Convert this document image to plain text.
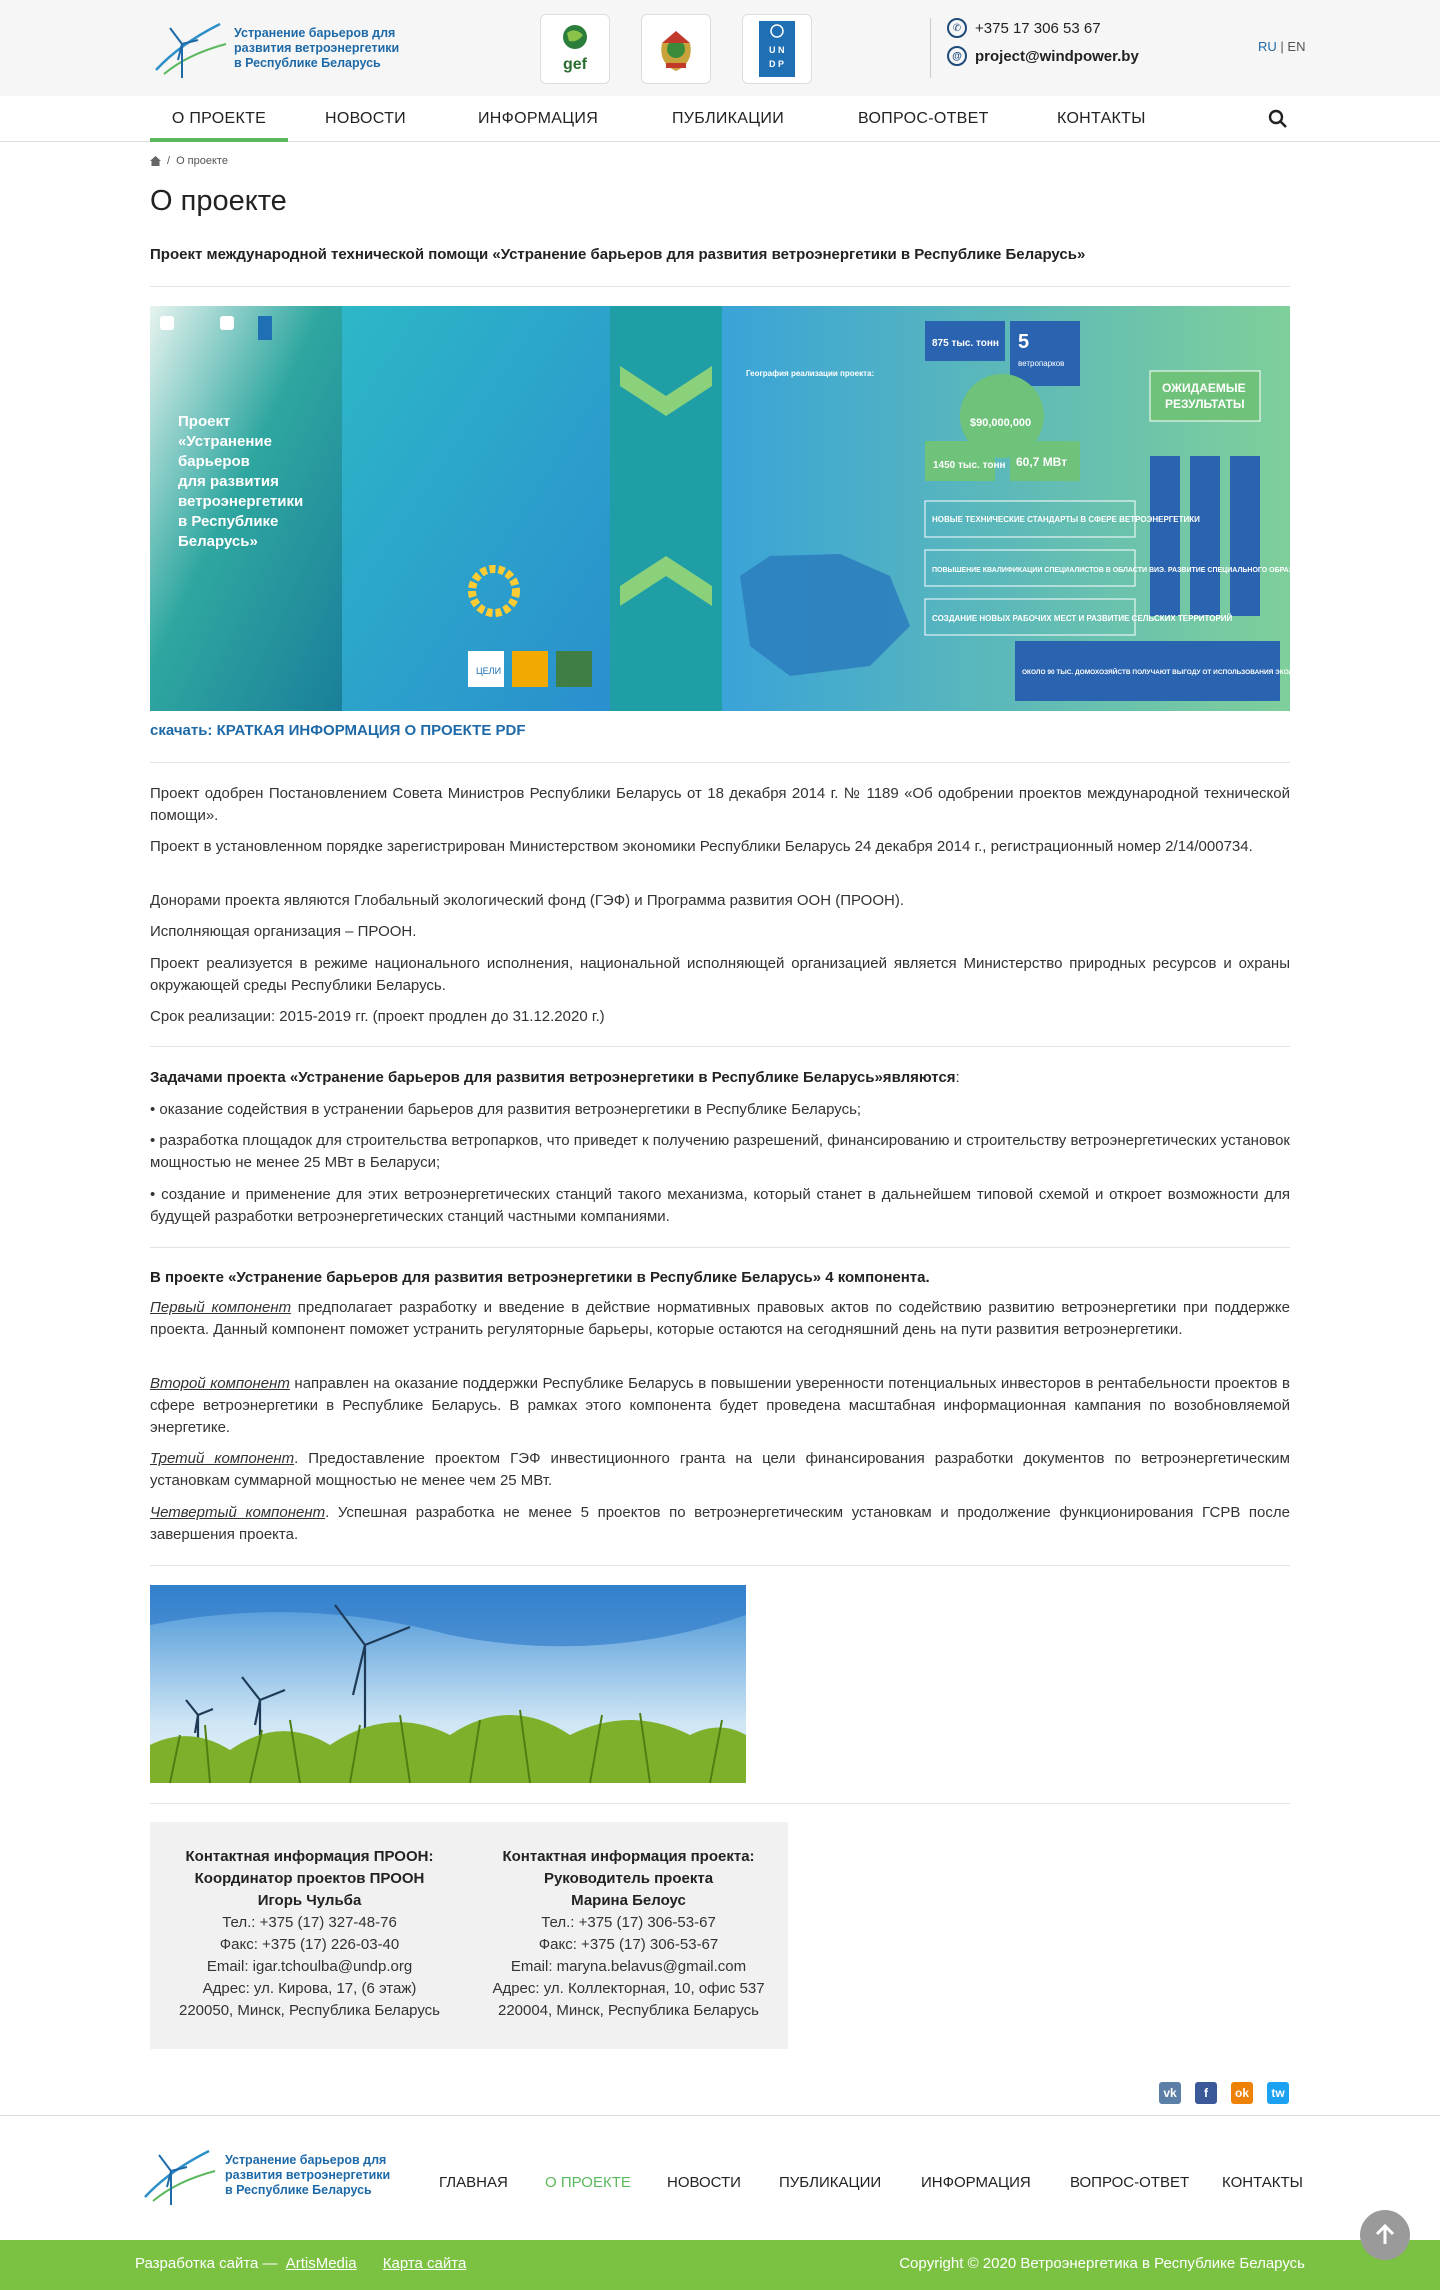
Устранение барьеров для
развития ветроэнергетики
в Республике Беларусь	gef
U N
D P
✆ +375 17 306 53 67
@ project@windpower.by
RU | EN
О ПРОЕКТЕ	НОВОСТИ	ИНФОРМАЦИЯ	ПУБЛИКАЦИИ	ВОПРОС-ОТВЕТ	КОНТАКТЫ
/ О проекте
О проекте
Проект международной технической помощи «Устранение барьеров для развития ветроэнергетики в Республике Беларусь»
Проект «Устранение барьеров для развития ветроэнергетики в Республике Беларусь»
ЦЕЛИ
География реализации проекта:
875 тыс. тонн 5
ветропарков
$90,000,000
1450 тыс. тонн 60,7 МВт
ОЖИДАЕМЫЕ
РЕЗУЛЬТАТЫ
НОВЫЕ ТЕХНИЧЕСКИЕ СТАНДАРТЫ В СФЕРЕ ВЕТРОЭНЕРГЕТИКИ
ПОВЫШЕНИЕ КВАЛИФИКАЦИИ СПЕЦИАЛИСТОВ В ОБЛАСТИ ВИЭ. РАЗВИТИЕ СПЕЦИАЛЬНОГО ОБРАЗОВАНИЯ
СОЗДАНИЕ НОВЫХ РАБОЧИХ МЕСТ И РАЗВИТИЕ СЕЛЬСКИХ ТЕРРИТОРИЙ
ОКОЛО 90 ТЫС. ДОМОХОЗЯЙСТВ ПОЛУЧАЮТ ВЫГОДУ ОТ ИСПОЛЬЗОВАНИЯ ЭКОЛОГИЧЕСКИ ЧИСТОЙ ЭНЕРГИИ ВЕТРА
скачать: КРАТКАЯ ИНФОРМАЦИЯ О ПРОЕКТЕ PDF

Проект одобрен Постановлением Совета Министров Республики Беларусь от 18 декабря 2014 г. № 1189 «Об одобрении проектов международной технической помощи».

Проект в установленном порядке зарегистрирован Министерством экономики Республики Беларусь 24 декабря 2014 г., регистрационный номер 2/14/000734.

Донорами проекта являются Глобальный экологический фонд (ГЭФ) и Программа развития ООН (ПРООН).

Исполняющая организация – ПРООН.

Проект реализуется в режиме национального исполнения, национальной исполняющей организацией является Министерство природных ресурсов и охраны окружающей среды Республики Беларусь.

Срок реализации: 2015-2019 гг. (проект продлен до 31.12.2020 г.)

Задачами проекта «Устранение барьеров для развития ветроэнергетики в Республике Беларусь»являются:

• оказание содействия в устранении барьеров для развития ветроэнергетики в Республике Беларусь;

• разработка площадок для строительства ветропарков, что приведет к получению разрешений, финансированию и строительству ветроэнергетических установок мощностью не менее 25 МВт в Беларуси;

• создание и применение для этих ветроэнергетических станций такого механизма, который станет в дальнейшем типовой схемой и откроет возможности для будущей разработки ветроэнергетических станций частными компаниями.

В проекте «Устранение барьеров для развития ветроэнергетики в Республике Беларусь» 4 компонента.

Первый компонент предполагает разработку и введение в действие нормативных правовых актов по содействию развитию ветроэнергетики при поддержке проекта. Данный компонент поможет устранить регуляторные барьеры, которые остаются на сегодняшний день на пути развития ветроэнергетики.

Второй компонент направлен на оказание поддержки Республике Беларусь в повышении уверенности потенциальных инвесторов в рентабельности проектов в сфере ветроэнергетики в Республике Беларусь. В рамках этого компонента будет проведена масштабная информационная кампания по возобновляемой энергетике.

Третий компонент. Предоставление проектом ГЭФ инвестиционного гранта на цели финансирования разработки документов по ветроэнергетическим установкам суммарной мощностью не менее чем 25 МВт.

Четвертый компонент. Успешная разработка не менее 5 проектов по ветроэнергетическим установкам и продолжение функционирования ГСРВ после завершения проекта.

Контактная информация ПРООН:
Координатор проектов ПРООН
Игорь Чульба
Тел.: +375 (17) 327-48-76
Факс: +375 (17) 226-03-40
Email: igar.tchoulba@undp.org
Адрес: ул. Кирова, 17, (6 этаж)
220050, Минск, Республика Беларусь
Контактная информация проекта:
Руководитель проекта
Марина Белоус
Тел.: +375 (17) 306-53-67
Факс: +375 (17) 306-53-67
Email: maryna.belavus@gmail.com
Адрес: ул. Коллекторная, 10, офис 537
220004, Минск, Республика Беларусь
vk	f	ok	tw
Устранение барьеров для
развития ветроэнергетики
в Республике Беларусь	ГЛАВНАЯ О ПРОЕКТЕ НОВОСТИ	ПУБЛИКАЦИИ	ИНФОРМАЦИЯ	ВОПРОС-ОТВЕТ КОНТАКТЫ
Разработка сайта — ArtisMedia Карта сайта	Copyright © 2020 Ветроэнергетика в Республике Беларусь
